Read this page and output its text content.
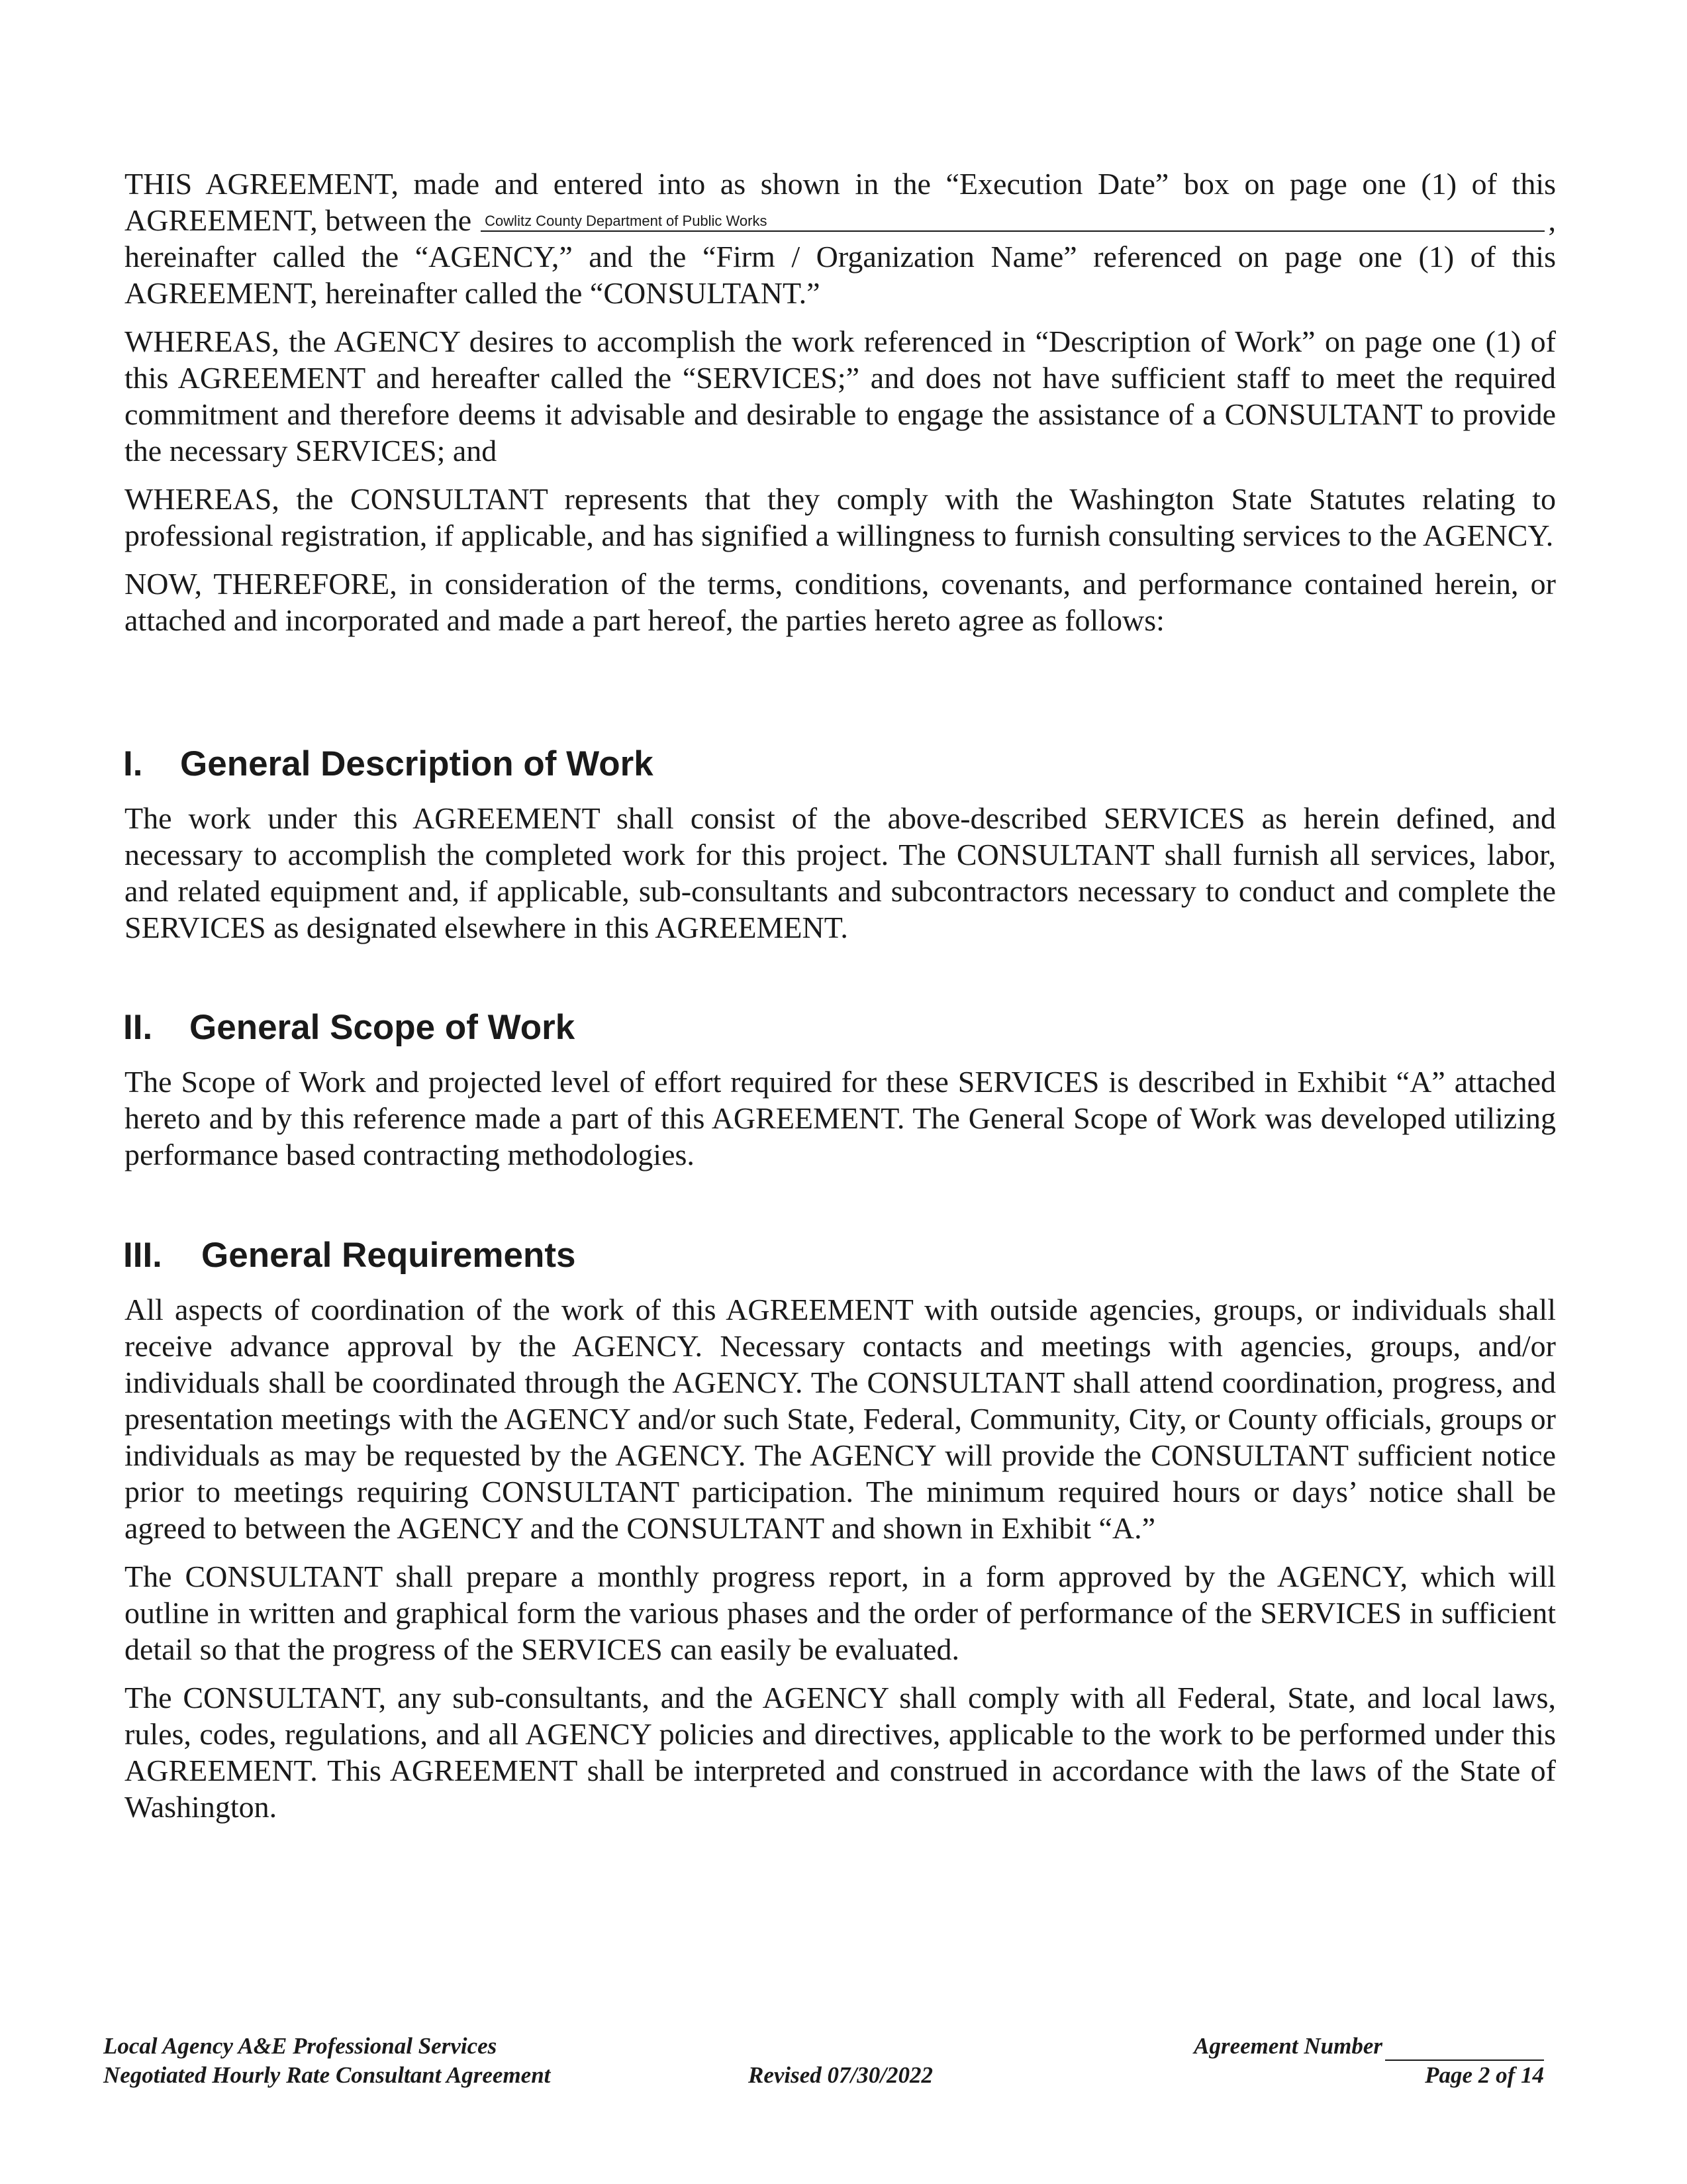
THIS AGREEMENT, made and entered into as shown in the “Execution Date” box on page one (1) of this

AGREEMENT, between the Cowlitz County Department of Public Works	,

hereinafter called the “AGENCY,” and the “Firm / Organization Name” referenced on page one (1) of this AGREEMENT, hereinafter called the “CONSULTANT.”

WHEREAS, the AGENCY desires to accomplish the work referenced in “Description of Work” on page one (1) of this AGREEMENT and hereafter called the “SERVICES;” and does not have sufficient staff to meet the required commitment and therefore deems it advisable and desirable to engage the assistance of a CONSULTANT to provide the necessary SERVICES; and

WHEREAS, the CONSULTANT represents that they comply with the Washington State Statutes relating to professional registration, if applicable, and has signified a willingness to furnish consulting services to the AGENCY.

NOW, THEREFORE, in consideration of the terms, conditions, covenants, and performance contained herein, or attached and incorporated and made a part hereof, the parties hereto agree as follows:

I. General Description of Work

The work under this AGREEMENT shall consist of the above-described SERVICES as herein defined, and necessary to accomplish the completed work for this project. The CONSULTANT shall furnish all services, labor, and related equipment and, if applicable, sub-consultants and subcontractors necessary to conduct and complete the SERVICES as designated elsewhere in this AGREEMENT.

II. General Scope of Work

The Scope of Work and projected level of effort required for these SERVICES is described in Exhibit “A” attached hereto and by this reference made a part of this AGREEMENT. The General Scope of Work was developed utilizing performance based contracting methodologies.

III. General Requirements

All aspects of coordination of the work of this AGREEMENT with outside agencies, groups, or individuals shall receive advance approval by the AGENCY. Necessary contacts and meetings with agencies, groups, and/or individuals shall be coordinated through the AGENCY. The CONSULTANT shall attend coordination, progress, and presentation meetings with the AGENCY and/or such State, Federal, Community, City, or County officials, groups or individuals as may be requested by the AGENCY. The AGENCY will provide the CONSULTANT sufficient notice prior to meetings requiring CONSULTANT participation. The minimum required hours or days’ notice shall be agreed to between the AGENCY and the CONSULTANT and shown in Exhibit “A.”

The CONSULTANT shall prepare a monthly progress report, in a form approved by the AGENCY, which will outline in written and graphical form the various phases and the order of performance of the SERVICES in sufficient detail so that the progress of the SERVICES can easily be evaluated.

The CONSULTANT, any sub-consultants, and the AGENCY shall comply with all Federal, State, and local laws, rules, codes, regulations, and all AGENCY policies and directives, applicable to the work to be performed under this AGREEMENT. This AGREEMENT shall be interpreted and construed in accordance with the laws of the State of Washington.

Local Agency A&E Professional Services
Negotiated Hourly Rate Consultant Agreement	Revised 07/30/2022
Agreement Number
Page 2 of 14
